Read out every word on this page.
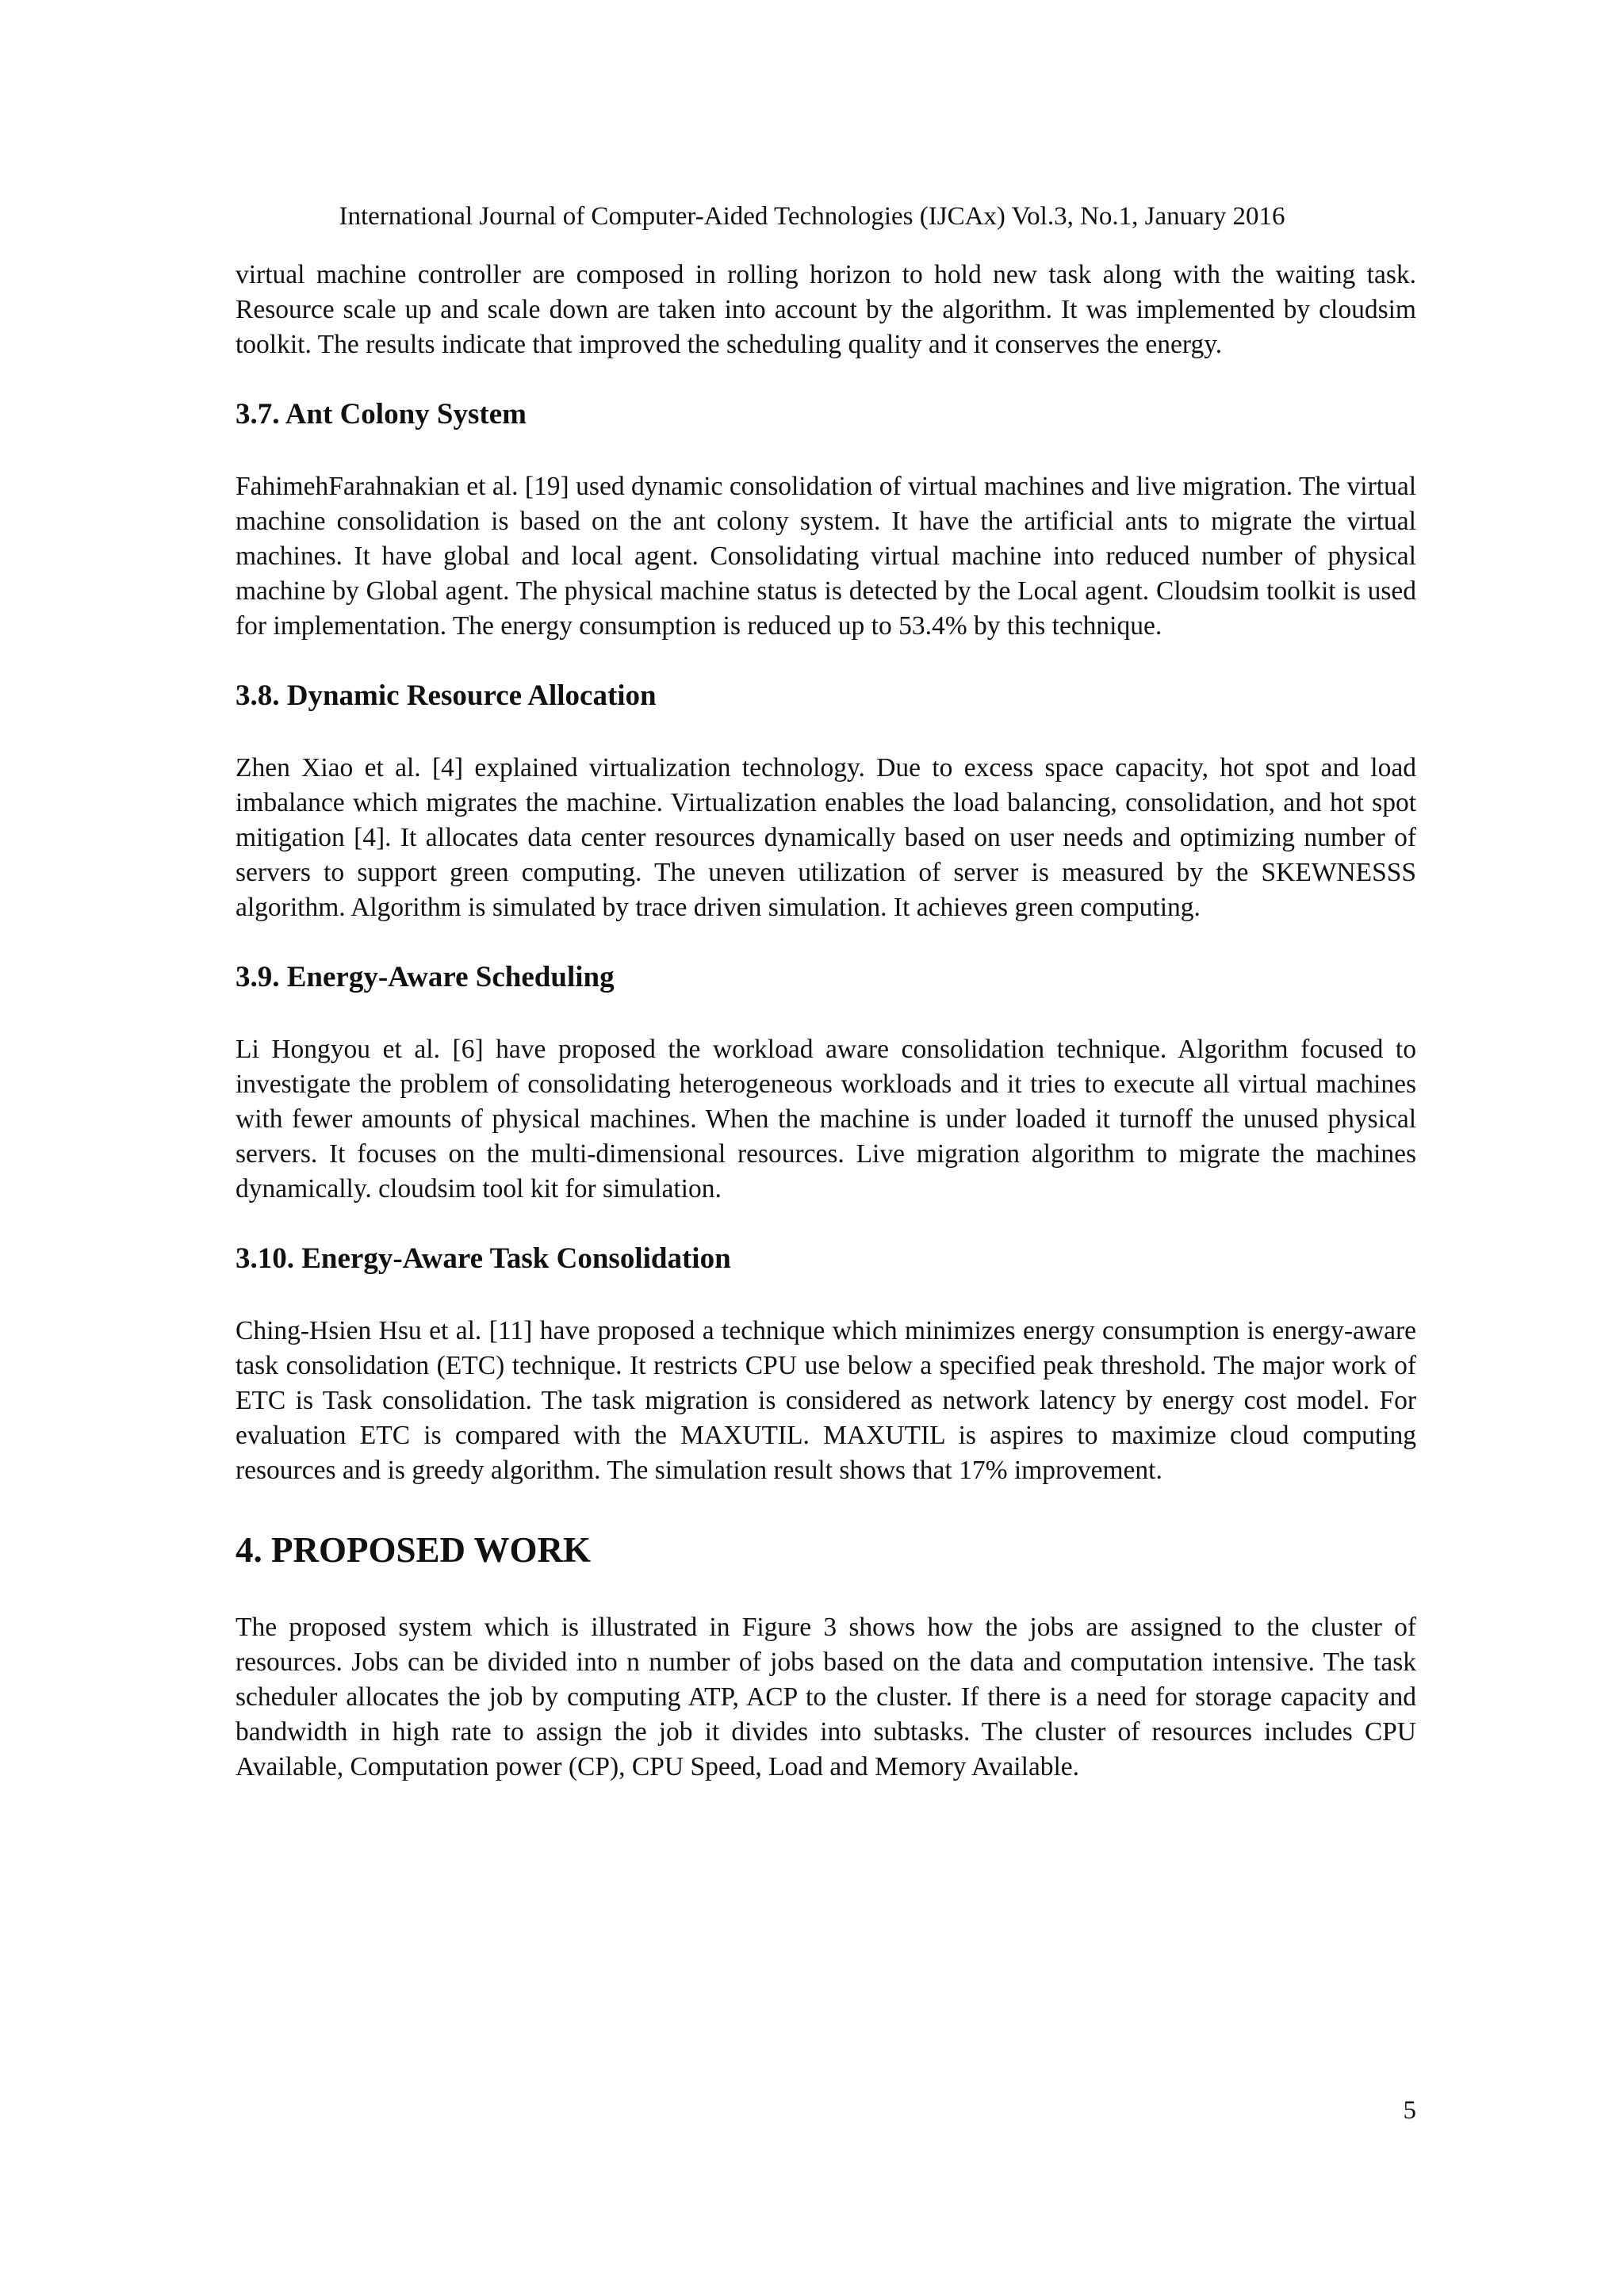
International Journal of Computer-Aided Technologies (IJCAx) Vol.3, No.1, January 2016

virtual machine controller are composed in rolling horizon to hold new task along with the waiting task. Resource scale up and scale down are taken into account by the algorithm. It was implemented by cloudsim toolkit. The results indicate that improved the scheduling quality and it conserves the energy.

3.7. Ant Colony System

FahimehFarahnakian et al. [19] used dynamic consolidation of virtual machines and live migration. The virtual machine consolidation is based on the ant colony system. It have the artificial ants to migrate the virtual machines. It have global and local agent. Consolidating virtual machine into reduced number of physical machine by Global agent. The physical machine status is detected by the Local agent. Cloudsim toolkit is used for implementation. The energy consumption is reduced up to 53.4% by this technique.

3.8. Dynamic Resource Allocation

Zhen Xiao et al. [4] explained virtualization technology. Due to excess space capacity, hot spot and load imbalance which migrates the machine. Virtualization enables the load balancing, consolidation, and hot spot mitigation [4]. It allocates data center resources dynamically based on user needs and optimizing number of servers to support green computing. The uneven utilization of server is measured by the SKEWNESSS algorithm. Algorithm is simulated by trace driven simulation. It achieves green computing.

3.9. Energy-Aware Scheduling

Li Hongyou et al. [6] have proposed the workload aware consolidation technique. Algorithm focused to investigate the problem of consolidating heterogeneous workloads and it tries to execute all virtual machines with fewer amounts of physical machines. When the machine is under loaded it turnoff the unused physical servers. It focuses on the multi-dimensional resources. Live migration algorithm to migrate the machines dynamically. cloudsim tool kit for simulation.

3.10. Energy-Aware Task Consolidation

Ching-Hsien Hsu et al. [11] have proposed a technique which minimizes energy consumption is energy-aware task consolidation (ETC) technique. It restricts CPU use below a specified peak threshold. The major work of ETC is Task consolidation. The task migration is considered as network latency by energy cost model. For evaluation ETC is compared with the MAXUTIL. MAXUTIL is aspires to maximize cloud computing resources and is greedy algorithm. The simulation result shows that 17% improvement.

4. PROPOSED WORK

The proposed system which is illustrated in Figure 3 shows how the jobs are assigned to the cluster of resources. Jobs can be divided into n number of jobs based on the data and computation intensive. The task scheduler allocates the job by computing ATP, ACP to the cluster. If there is a need for storage capacity and bandwidth in high rate to assign the job it divides into subtasks. The cluster of resources includes CPU Available, Computation power (CP), CPU Speed, Load and Memory Available.

5
